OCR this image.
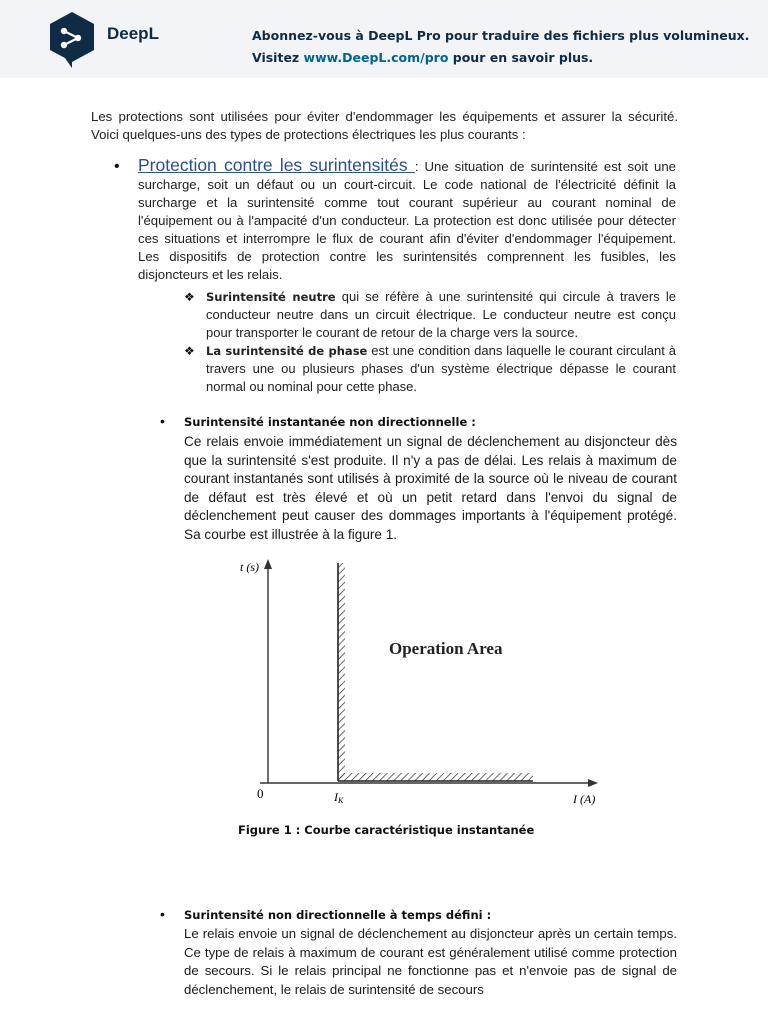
DeepL	Abonnez-vous à DeepL Pro pour traduire des fichiers plus volumineux.
Visitez www.DeepL.com/pro pour en savoir plus.
Les protections sont utilisées pour éviter d'endommager les équipements et assurer la sécurité. Voici quelques-uns des types de protections électriques les plus courants :
• Protection contre les surintensités : Une situation de surintensité est soit une surcharge, soit un défaut ou un court-circuit. Le code national de l'électricité définit la surcharge et la surintensité comme tout courant supérieur au courant nominal de l'équipement ou à l'ampacité d'un conducteur. La protection est donc utilisée pour détecter ces situations et interrompre le flux de courant afin d'éviter d'endommager l'équipement. Les dispositifs de protection contre les surintensités comprennent les fusibles, les disjoncteurs et les relais.
❖ Surintensité neutre qui se réfère à une surintensité qui circule à travers le conducteur neutre dans un circuit électrique. Le conducteur neutre est conçu pour transporter le courant de retour de la charge vers la source.
❖ La surintensité de phase est une condition dans laquelle le courant circulant à travers une ou plusieurs phases d'un système électrique dépasse le courant normal ou nominal pour cette phase.
• Surintensité instantanée non directionnelle :
Ce relais envoie immédiatement un signal de déclenchement au disjoncteur dès que la surintensité s'est produite. Il n'y a pas de délai. Les relais à maximum de courant instantanés sont utilisés à proximité de la source où le niveau de courant de défaut est très élevé et où un petit retard dans l'envoi du signal de déclenchement peut causer des dommages importants à l'équipement protégé. Sa courbe est illustrée à la figure 1.
t (s)
I (A)
0	IK
Operation Area
Figure 1 : Courbe caractéristique instantanée
• Surintensité non directionnelle à temps défini :
Le relais envoie un signal de déclenchement au disjoncteur après un certain temps. Ce type de relais à maximum de courant est généralement utilisé comme protection de secours. Si le relais principal ne fonctionne pas et n'envoie pas de signal de déclenchement, le relais de surintensité de secours
